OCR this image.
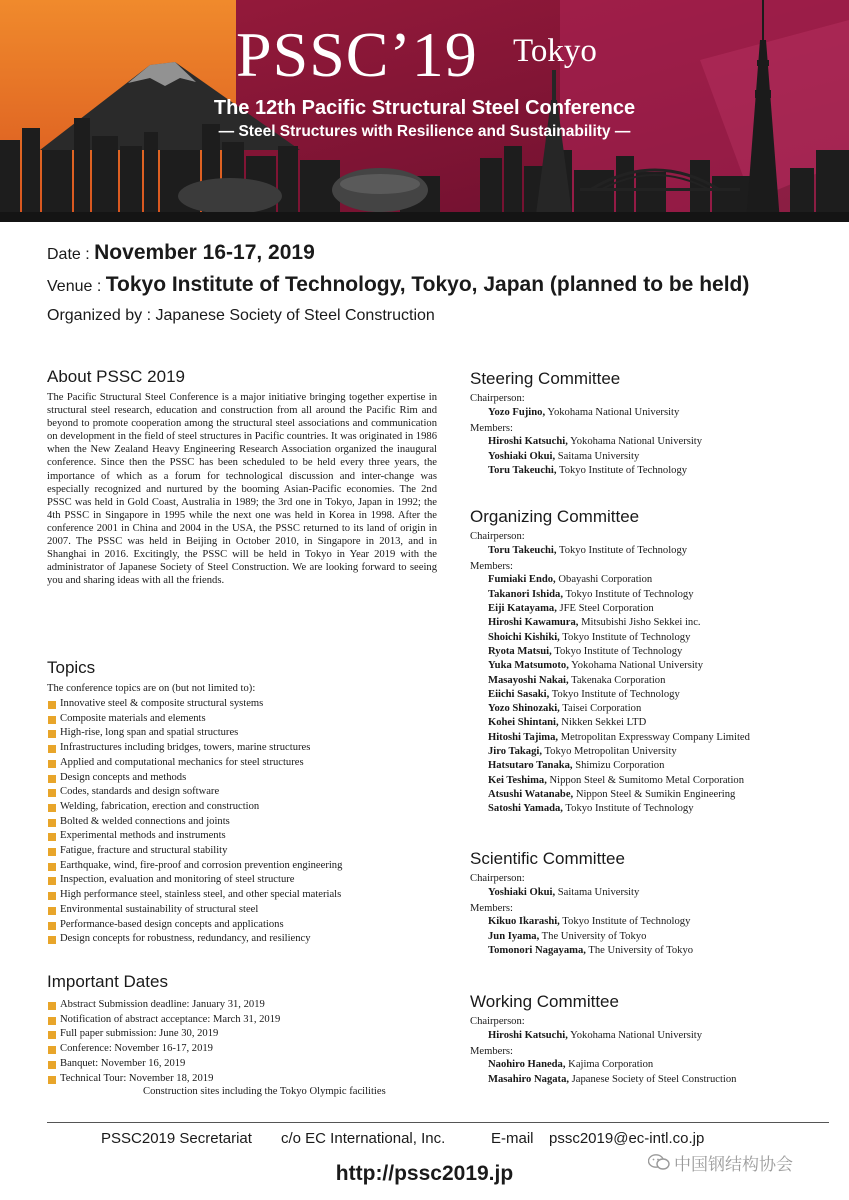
PSSC’19 Tokyo
The 12th Pacific Structural Steel Conference
― Steel Structures with Resilience and Sustainability ―
Date : November 16-17, 2019
Venue : Tokyo Institute of Technology, Tokyo, Japan (planned to be held)
Organized by : Japanese Society of Steel Construction
About PSSC 2019

The Pacific Structural Steel Conference is a major initiative bringing together expertise in structural steel research, education and construction from all around the Pacific Rim and beyond to promote cooperation among the structural steel associations and communication on development in the field of steel structures in Pacific countries. It was originated in 1986 when the New Zealand Heavy Engineering Research Association organized the inaugural conference. Since then the PSSC has been scheduled to be held every three years, the importance of which as a forum for technological discussion and inter-change was especially recognized and nurtured by the booming Asian-Pacific economies. The 2nd PSSC was held in Gold Coast, Australia in 1989; the 3rd one in Tokyo, Japan in 1992; the 4th PSSC in Singapore in 1995 while the next one was held in Korea in 1998. After the conference 2001 in China and 2004 in the USA, the PSSC returned to its land of origin in 2007. The PSSC was held in Beijing in October 2010, in Singapore in 2013, and in Shanghai in 2016. Excitingly, the PSSC will be held in Tokyo in Year 2019 with the administrator of Japanese Society of Steel Construction. We are looking forward to seeing you and sharing ideas with all the friends.

Topics
The conference topics are on (but not limited to):
Innovative steel & composite structural systems
Composite materials and elements
High-rise, long span and spatial structures
Infrastructures including bridges, towers, marine structures
Applied and computational mechanics for steel structures
Design concepts and methods
Codes, standards and design software
Welding, fabrication, erection and construction
Bolted & welded connections and joints
Experimental methods and instruments
Fatigue, fracture and structural stability
Earthquake, wind, fire-proof and corrosion prevention engineering
Inspection, evaluation and monitoring of steel structure
High performance steel, stainless steel, and other special materials
Environmental sustainability of structural steel
Performance-based design concepts and applications
Design concepts for robustness, redundancy, and resiliency
Important Dates
Abstract Submission deadline: January 31, 2019
Notification of abstract acceptance: March 31, 2019
Full paper submission: June 30, 2019
Conference: November 16-17, 2019
Banquet: November 16, 2019
Technical Tour: November 18, 2019
Construction sites including the Tokyo Olympic facilities
Steering Committee
Chairperson:
Yozo Fujino, Yokohama National University
Members:
Hiroshi Katsuchi, Yokohama National University
Yoshiaki Okui, Saitama University
Toru Takeuchi, Tokyo Institute of Technology
Organizing Committee
Chairperson:
Toru Takeuchi, Tokyo Institute of Technology
Members:
Fumiaki Endo, Obayashi Corporation
Takanori Ishida, Tokyo Institute of Technology
Eiji Katayama, JFE Steel Corporation
Hiroshi Kawamura, Mitsubishi Jisho Sekkei inc.
Shoichi Kishiki, Tokyo Institute of Technology
Ryota Matsui, Tokyo Institute of Technology
Yuka Matsumoto, Yokohama National University
Masayoshi Nakai, Takenaka Corporation
Eiichi Sasaki, Tokyo Institute of Technology
Yozo Shinozaki, Taisei Corporation
Kohei Shintani, Nikken Sekkei LTD
Hitoshi Tajima, Metropolitan Expressway Company Limited
Jiro Takagi, Tokyo Metropolitan University
Hatsutaro Tanaka, Shimizu Corporation
Kei Teshima, Nippon Steel & Sumitomo Metal Corporation
Atsushi Watanabe, Nippon Steel & Sumikin Engineering
Satoshi Yamada, Tokyo Institute of Technology
Scientific Committee
Chairperson:
Yoshiaki Okui, Saitama University
Members:
Kikuo Ikarashi, Tokyo Institute of Technology
Jun Iyama, The University of Tokyo
Tomonori Nagayama, The University of Tokyo
Working Committee
Chairperson:
Hiroshi Katsuchi, Yokohama National University
Members:
Naohiro Haneda, Kajima Corporation
Masahiro Nagata, Japanese Society of Steel Construction
PSSC2019 Secretariat c/o EC International, Inc.	E-mail pssc2019@ec-intl.co.jp
http://pssc2019.jp	中国钢结构协会
